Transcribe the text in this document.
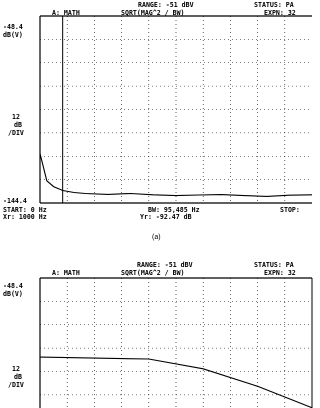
RANGE: -51 dBV	STATUS: PA
A: MATH	SQRT(MAG^2 / BW)	EXPN: 32
-48.4
dB(V)
12
dB
/DIV
-144.4
START: 0 Hz
Xr: 1000 Hz
BW: 95,485 Hz
Yr: -92.47 dB
STOP:
(a)
RANGE: -51 dBV	STATUS: PA
A: MATH	SQRT(MAG^2 / BW)	EXPN: 32
-48.4
dB(V)
12
dB
/DIV
